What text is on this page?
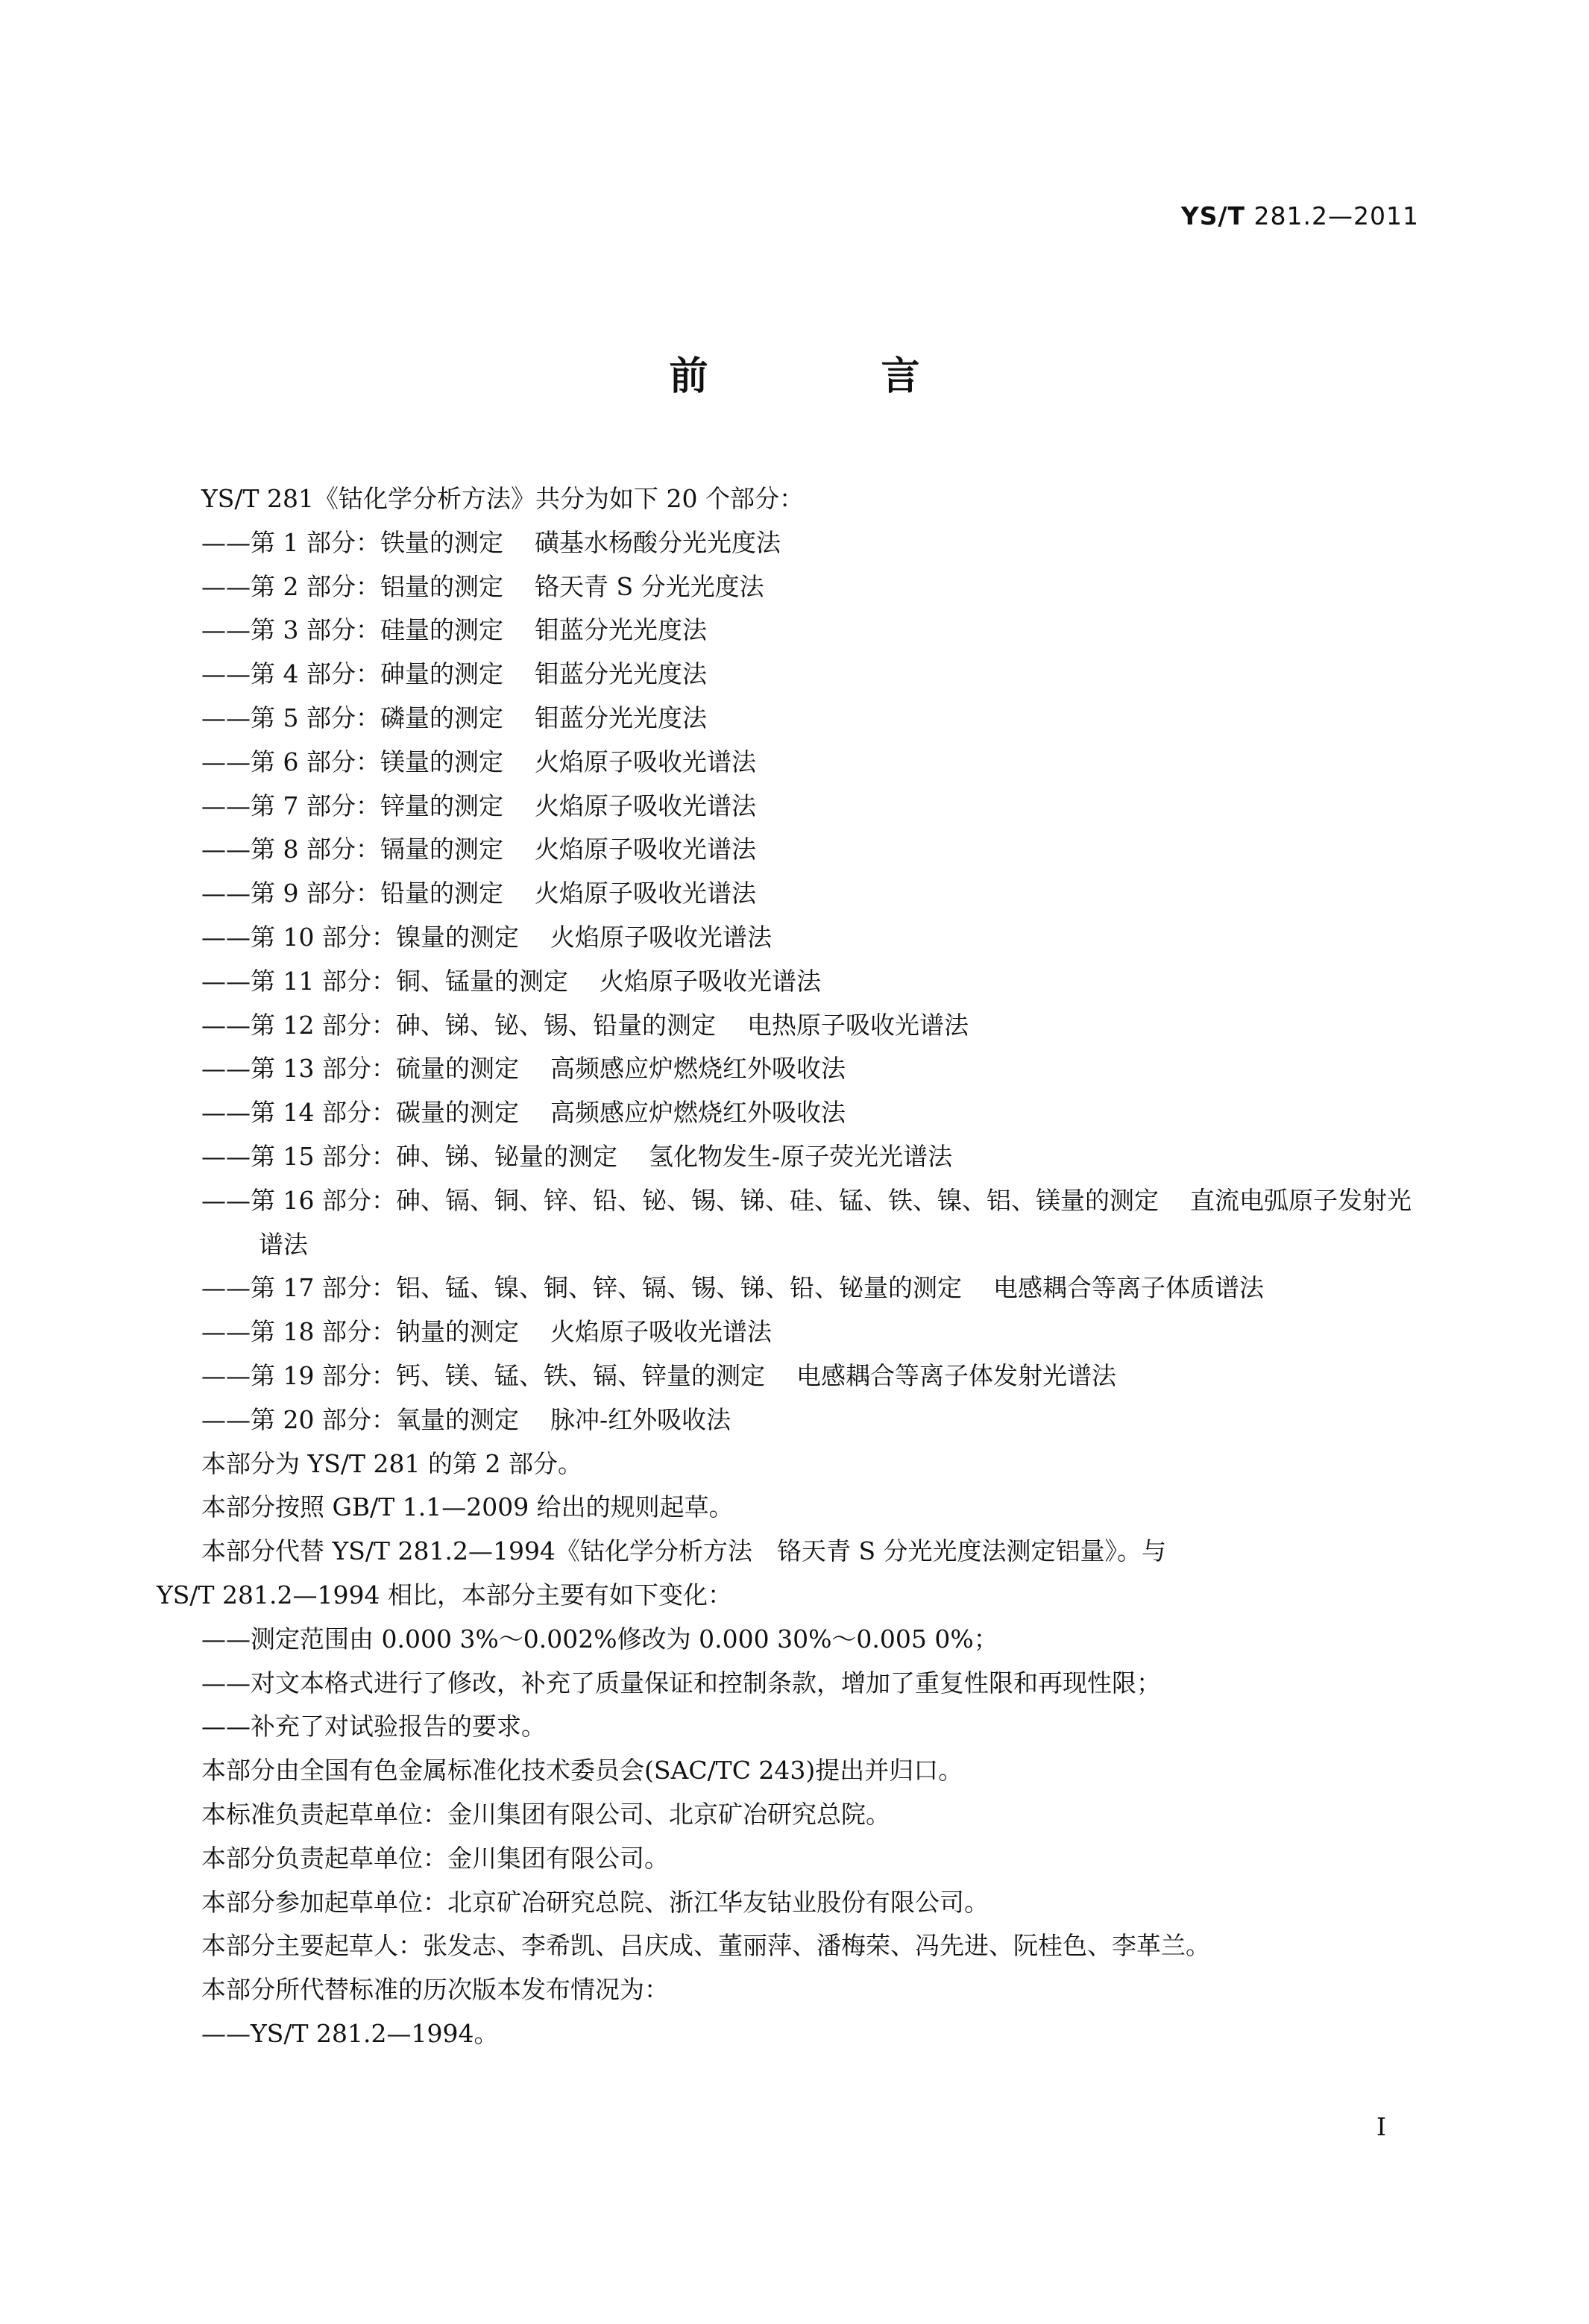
YS/T 281.2—2011
前　言
YS/T 281《钴化学分析方法》共分为如下 20 个部分：
——第 1 部分：铁量的测定 磺基水杨酸分光光度法
——第 2 部分：铝量的测定 铬天青 S 分光光度法
——第 3 部分：硅量的测定 钼蓝分光光度法
——第 4 部分：砷量的测定 钼蓝分光光度法
——第 5 部分：磷量的测定 钼蓝分光光度法
——第 6 部分：镁量的测定 火焰原子吸收光谱法
——第 7 部分：锌量的测定 火焰原子吸收光谱法
——第 8 部分：镉量的测定 火焰原子吸收光谱法
——第 9 部分：铅量的测定 火焰原子吸收光谱法
——第 10 部分：镍量的测定 火焰原子吸收光谱法
——第 11 部分：铜、锰量的测定 火焰原子吸收光谱法
——第 12 部分：砷、锑、铋、锡、铅量的测定 电热原子吸收光谱法
——第 13 部分：硫量的测定 高频感应炉燃烧红外吸收法
——第 14 部分：碳量的测定 高频感应炉燃烧红外吸收法
——第 15 部分：砷、锑、铋量的测定 氢化物发生-原子荧光光谱法
——第 16 部分：砷、镉、铜、锌、铅、铋、锡、锑、硅、锰、铁、镍、铝、镁量的测定 直流电弧原子发射光
谱法
——第 17 部分：铝、锰、镍、铜、锌、镉、锡、锑、铅、铋量的测定 电感耦合等离子体质谱法
——第 18 部分：钠量的测定 火焰原子吸收光谱法
——第 19 部分：钙、镁、锰、铁、镉、锌量的测定 电感耦合等离子体发射光谱法
——第 20 部分：氧量的测定 脉冲-红外吸收法
本部分为 YS/T 281 的第 2 部分。
本部分按照 GB/T 1.1—2009 给出的规则起草。
本部分代替 YS/T 281.2—1994《钴化学分析方法　铬天青 S 分光光度法测定铝量》。与
YS/T 281.2—1994 相比，本部分主要有如下变化：
——测定范围由 0.000 3%～0.002%修改为 0.000 30%～0.005 0%；
——对文本格式进行了修改，补充了质量保证和控制条款，增加了重复性限和再现性限；
——补充了对试验报告的要求。
本部分由全国有色金属标准化技术委员会(SAC/TC 243)提出并归口。
本标准负责起草单位：金川集团有限公司、北京矿冶研究总院。
本部分负责起草单位：金川集团有限公司。
本部分参加起草单位：北京矿冶研究总院、浙江华友钴业股份有限公司。
本部分主要起草人：张发志、李希凯、吕庆成、董丽萍、潘梅荣、冯先进、阮桂色、李革兰。
本部分所代替标准的历次版本发布情况为：
——YS/T 281.2—1994。
I
